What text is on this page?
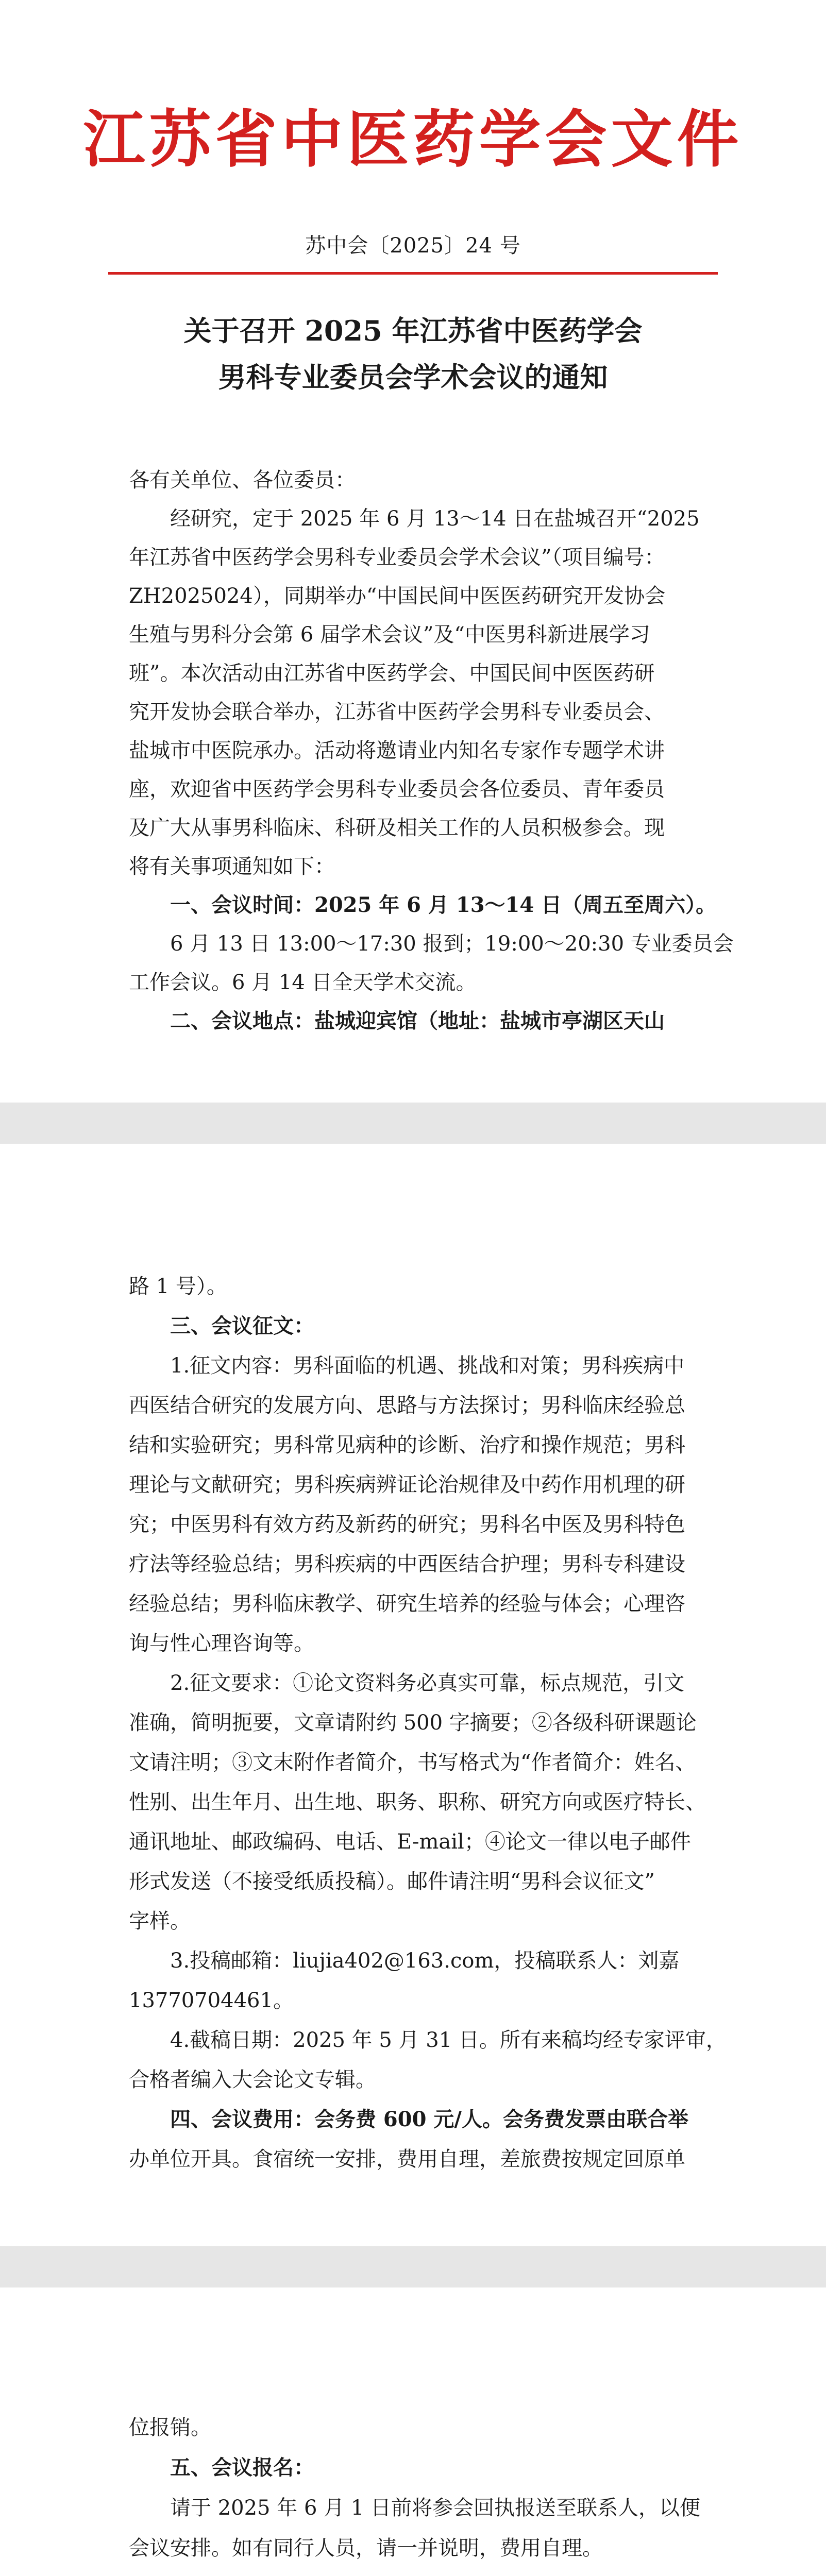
江苏省中医药学会文件
苏中会〔2025〕24 号
关于召开 2025 年江苏省中医药学会
男科专业委员会学术会议的通知
各有关单位、各位委员：
经研究，定于 2025 年 6 月 13～14 日在盐城召开“2025
年江苏省中医药学会男科专业委员会学术会议”（项目编号：
ZH2025024），同期举办“中国民间中医医药研究开发协会
生殖与男科分会第 6 届学术会议”及“中医男科新进展学习
班”。本次活动由江苏省中医药学会、中国民间中医医药研
究开发协会联合举办，江苏省中医药学会男科专业委员会、
盐城市中医院承办。活动将邀请业内知名专家作专题学术讲
座，欢迎省中医药学会男科专业委员会各位委员、青年委员
及广大从事男科临床、科研及相关工作的人员积极参会。现
将有关事项通知如下：
一、会议时间：2025 年 6 月 13～14 日（周五至周六）。
6 月 13 日 13:00～17:30 报到；19:00～20:30 专业委员会
工作会议。6 月 14 日全天学术交流。
二、会议地点：盐城迎宾馆（地址：盐城市亭湖区天山
路 1 号）。
三、会议征文：
1.征文内容：男科面临的机遇、挑战和对策；男科疾病中
西医结合研究的发展方向、思路与方法探讨；男科临床经验总
结和实验研究；男科常见病种的诊断、治疗和操作规范；男科
理论与文献研究；男科疾病辨证论治规律及中药作用机理的研
究；中医男科有效方药及新药的研究；男科名中医及男科特色
疗法等经验总结；男科疾病的中西医结合护理；男科专科建设
经验总结；男科临床教学、研究生培养的经验与体会；心理咨
询与性心理咨询等。
2.征文要求：①论文资料务必真实可靠，标点规范，引文
准确，简明扼要，文章请附约 500 字摘要；②各级科研课题论
文请注明；③文末附作者简介，书写格式为“作者简介：姓名、
性别、出生年月、出生地、职务、职称、研究方向或医疗特长、
通讯地址、邮政编码、电话、E-mail；④论文一律以电子邮件
形式发送（不接受纸质投稿）。邮件请注明“男科会议征文”
字样。
3.投稿邮箱：liujia402@163.com，投稿联系人：刘嘉
13770704461。
4.截稿日期：2025 年 5 月 31 日。所有来稿均经专家评审，
合格者编入大会论文专辑。
四、会议费用：会务费 600 元/人。会务费发票由联合举
办单位开具。食宿统一安排，费用自理，差旅费按规定回原单
位报销。
五、会议报名：
请于 2025 年 6 月 1 日前将参会回执报送至联系人，以便
会议安排。如有同行人员，请一并说明，费用自理。
